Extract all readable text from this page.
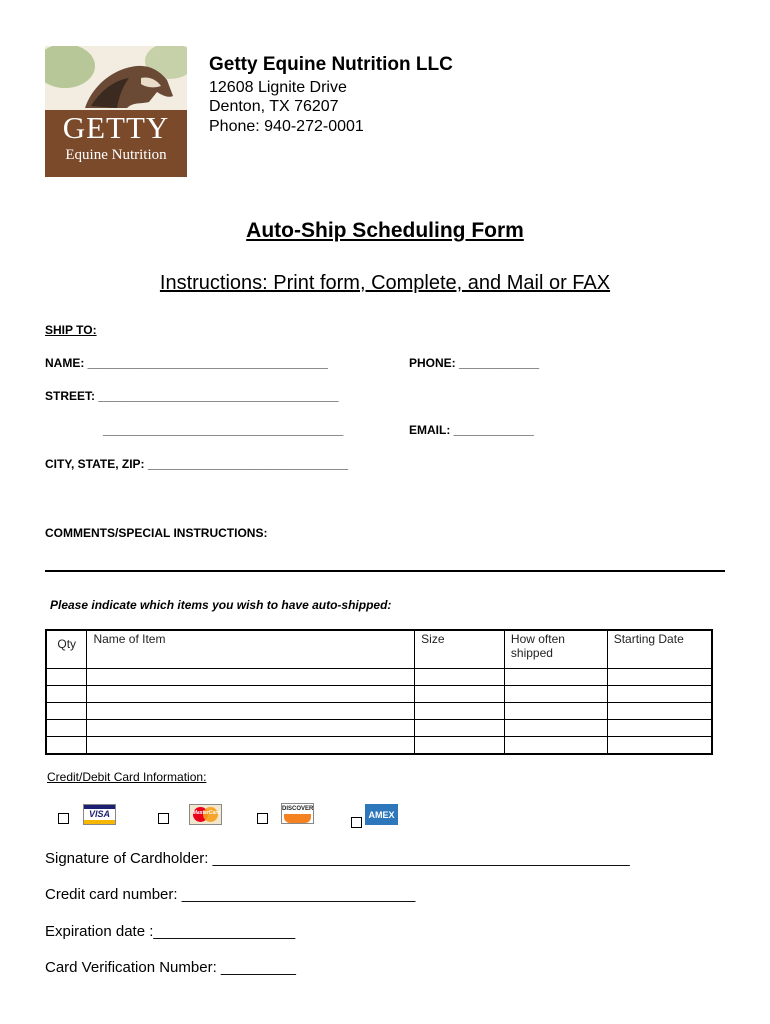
GETTY
Equine Nutrition
Getty Equine Nutrition LLC
12608 Lignite Drive
Denton, TX 76207
Phone: 940-272-0001
Auto-Ship Scheduling Form
Instructions: Print form, Complete, and Mail or FAX
SHIP TO:
NAME: ____________________________________	PHONE: ____________
STREET: ____________________________________
____________________________________	EMAIL: ____________
CITY, STATE, ZIP: ______________________________
COMMENTS/SPECIAL INSTRUCTIONS:
Please indicate which items you wish to have auto-shipped:
Qty	Name of Item	Size	How often shipped	Starting Date

Credit/Debit Card Information:
VISA	MasterCard
DISCOVER
AMEX
Signature of Cardholder: __________________________________________________
Credit card number: ____________________________
Expiration date :_________________
Card Verification Number: _________
